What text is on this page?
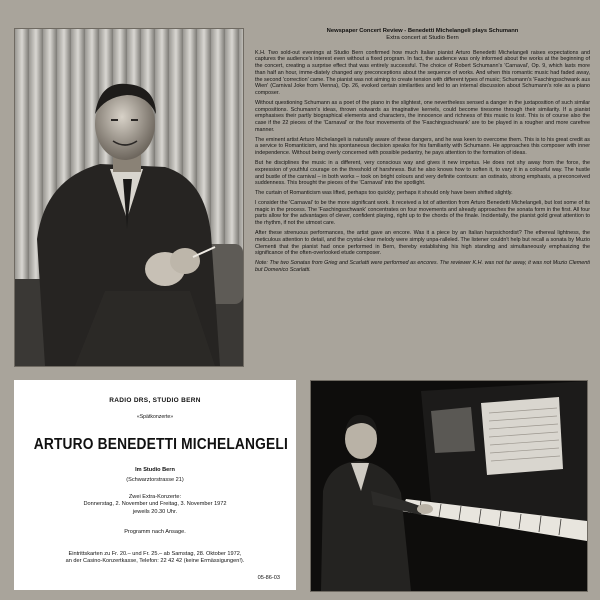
Newspaper Concert Review - Benedetti Michelangeli plays Schumann

Extra concert at Studio Bern

K.H. Two sold-out evenings at Studio Bern confirmed how much Italian pianist Arturo Benedetti Michelangeli raises expectations and captures the audience's interest even without a fixed program. In fact, the audience was only informed about the works at the beginning of the concert, creating a surprise effect that was entirely successful. The choice of Robert Schumann's 'Carnaval', Op. 9, which lasts more than half an hour, imme-diately changed any preconceptions about the sequence of works. And when this romantic music had faded away, the second 'correction' came. The pianist was not aiming to create tension with different types of music; Schumann's 'Faschingsschwank aus Wien' (Carnival Joke from Vienna), Op. 26, evoked certain similarities and led to an internal discussion about Schumann's role as a piano composer.

Without questioning Schumann as a poet of the piano in the slightest, one nevertheless sensed a danger in the juxtaposition of such similar compositions. Schumann's ideas, thrown outwards as imaginative kernels, could become tiresome through their similarity. If a pianist emphasises their partly biographical elements and characters, the innocence and richness of this music is lost. This is of course also the case if the 22 pieces of the 'Carnaval' or the four movements of the 'Faschingsschwank' are to be played in a rougher and more carefree manner.

The eminent artist Arturo Michelangeli is naturally aware of these dangers, and he was keen to overcome them. This is to his great credit as a service to Romanticism, and his spontaneous decision speaks for his familiarity with Schumann. He approaches this composer with inner independence. Without being overly concerned with possible pedantry, he pays attention to the formation of ideas.

But he disciplines the music in a different, very conscious way and gives it new impetus. He does not shy away from the force, the expression of youthful courage on the threshold of harshness. But he also knows how to soften it, to vary it in a colourful way. The hustle and bustle of the carnival – in both works – took on bright colours and very definite contours: an ostinato, strong emphasis, a preconceived suddenness. This brought the pieces of the 'Carnaval' into the spotlight.

The curtain of Romanticism was lifted, perhaps too quickly; perhaps it should only have been shifted slightly.

I consider the 'Carnaval' to be the more significant work. It received a lot of attention from Arturo Benedetti Michelangeli, but lost some of its magic in the process. The 'Faschingsschwank' concentrates on four movements and already approaches the sonata form in the first. All four parts allow for the advantages of clever, confident playing, right up to the chords of the finale. Incidentally, the pianist gold great attention to the rhythm, if not the utmost care.

After these strenuous performances, the artist gave an encore. Was it a piece by an Italian harpsichordist? The ethereal lightness, the meticulous attention to detail, and the crystal-clear melody were simply unpa-ralleled. The listener couldn't help but recall a sonata by Muzio Clementi that the pianist had once performed in Bern, thereby establishing his high standing and simultaneously emphasizing the significance of the often-overlooked etude composer.

Note: The two Sonatas from Grieg and Scarlatti were performed as encores. The reviewer K.H. was not far away, it was not Muzio Clementi but Domenico Scarlatti.

RADIO DRS, STUDIO BERN
«Spätkonzerte»
ARTURO BENEDETTI MICHELANGELI
Im Studio Bern
(Schwarztorstrasse 21)
Zwei Extra-Konzerte:
Donnerstag, 2. November und Freitag, 3. November 1972
jeweils 20.30 Uhr.
Programm nach Ansage.
Eintrittskarten zu Fr. 20.– und Fr. 25.– ab Samstag, 28. Oktober 1972,
an der Casino-Konzertkasse, Telefon: 22 42 42 (keine Ermässigungen!).
05-86-03
